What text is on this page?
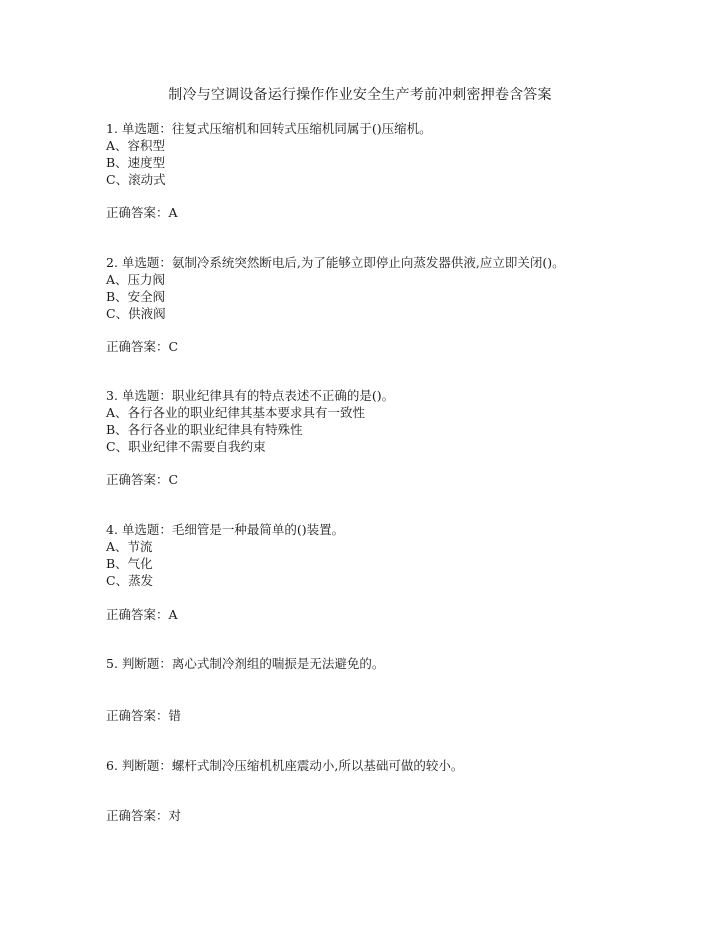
制冷与空调设备运行操作作业安全生产考前冲刺密押卷含答案
1. 单选题：往复式压缩机和回转式压缩机同属于()压缩机。
A、容积型
B、速度型
C、滚动式
正确答案：A
2. 单选题：氨制冷系统突然断电后,为了能够立即停止向蒸发器供液,应立即关闭()。
A、压力阀
B、安全阀
C、供液阀
正确答案：C
3. 单选题：职业纪律具有的特点表述不正确的是()。
A、各行各业的职业纪律其基本要求具有一致性
B、各行各业的职业纪律具有特殊性
C、职业纪律不需要自我约束
正确答案：C
4. 单选题：毛细管是一种最简单的()装置。
A、节流
B、气化
C、蒸发
正确答案：A
5. 判断题：离心式制冷剂组的喘振是无法避免的。
正确答案：错
6. 判断题：螺杆式制冷压缩机机座震动小,所以基础可做的较小。
正确答案：对
